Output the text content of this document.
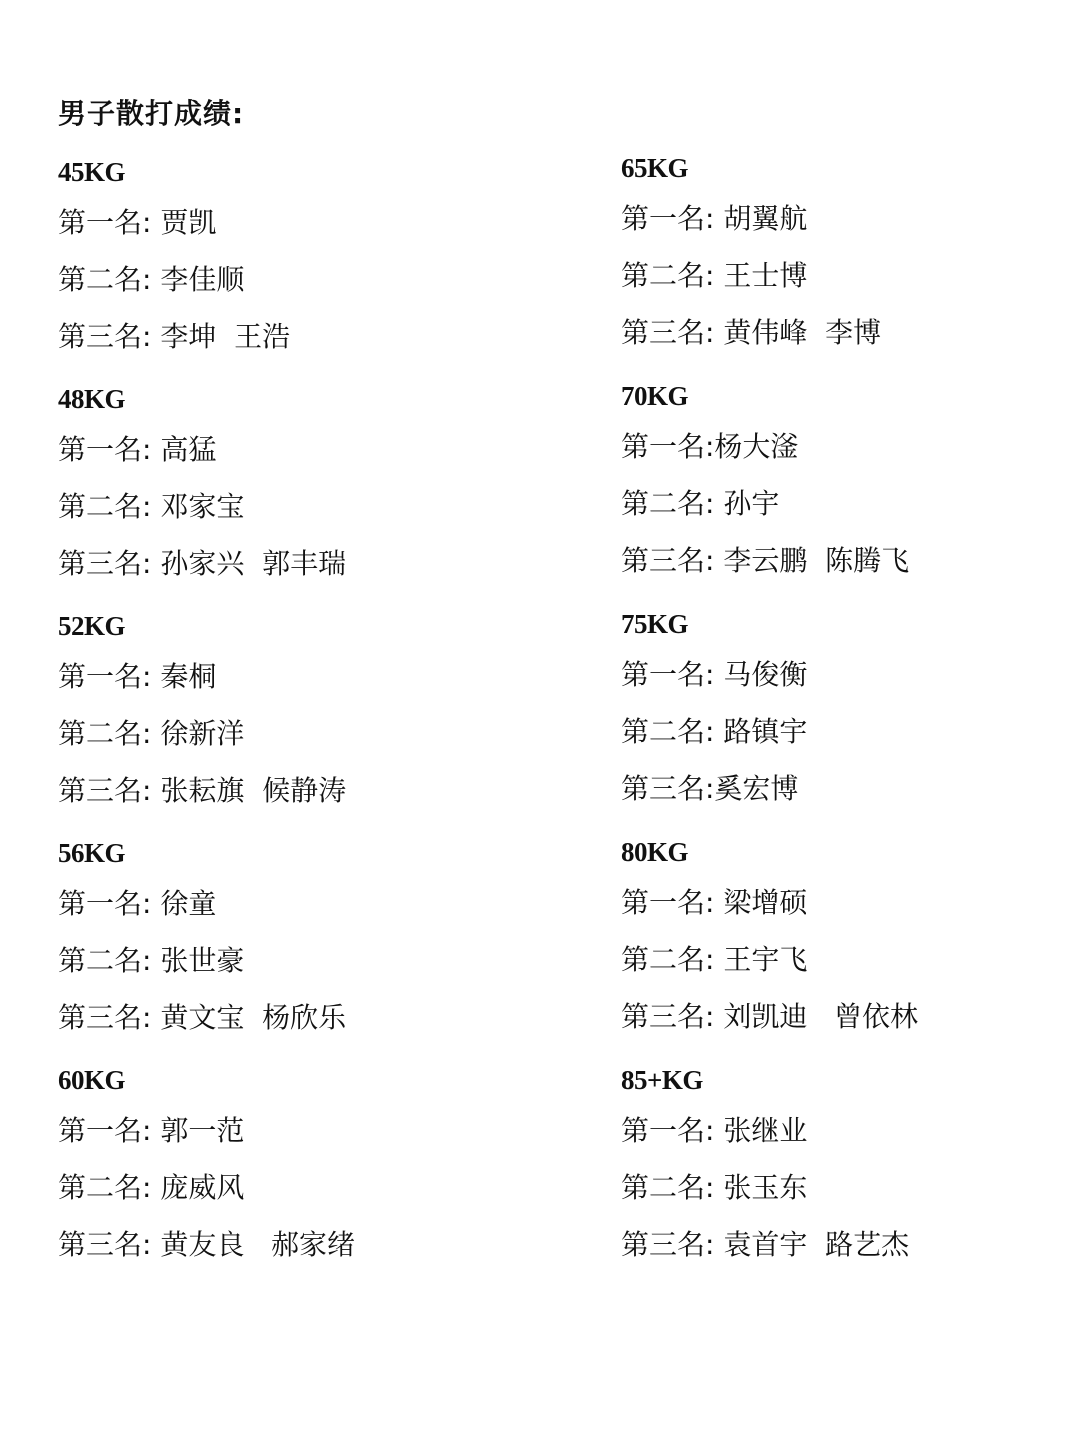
男子散打成绩:
45KG
第一名: 贾凯
第二名: 李佳顺
第三名: 李坤  王浩
48KG
第一名: 高猛
第二名: 邓家宝
第三名: 孙家兴  郭丰瑞
52KG
第一名: 秦桐
第二名: 徐新洋
第三名: 张耘旗  候静涛
56KG
第一名: 徐童
第二名: 张世豪
第三名: 黄文宝  杨欣乐
60KG
第一名: 郭一范
第二名: 庞威风
第三名: 黄友良   郝家绪
65KG
第一名: 胡翼航
第二名: 王士博
第三名: 黄伟峰  李博
70KG
第一名:杨大滏
第二名: 孙宇
第三名: 李云鹏  陈腾飞
75KG
第一名: 马俊衡
第二名: 路镇宇
第三名:奚宏博
80KG
第一名: 梁增硕
第二名: 王宇飞
第三名: 刘凯迪   曾依林
85+KG
第一名: 张继业
第二名: 张玉东
第三名: 袁首宇  路艺杰
